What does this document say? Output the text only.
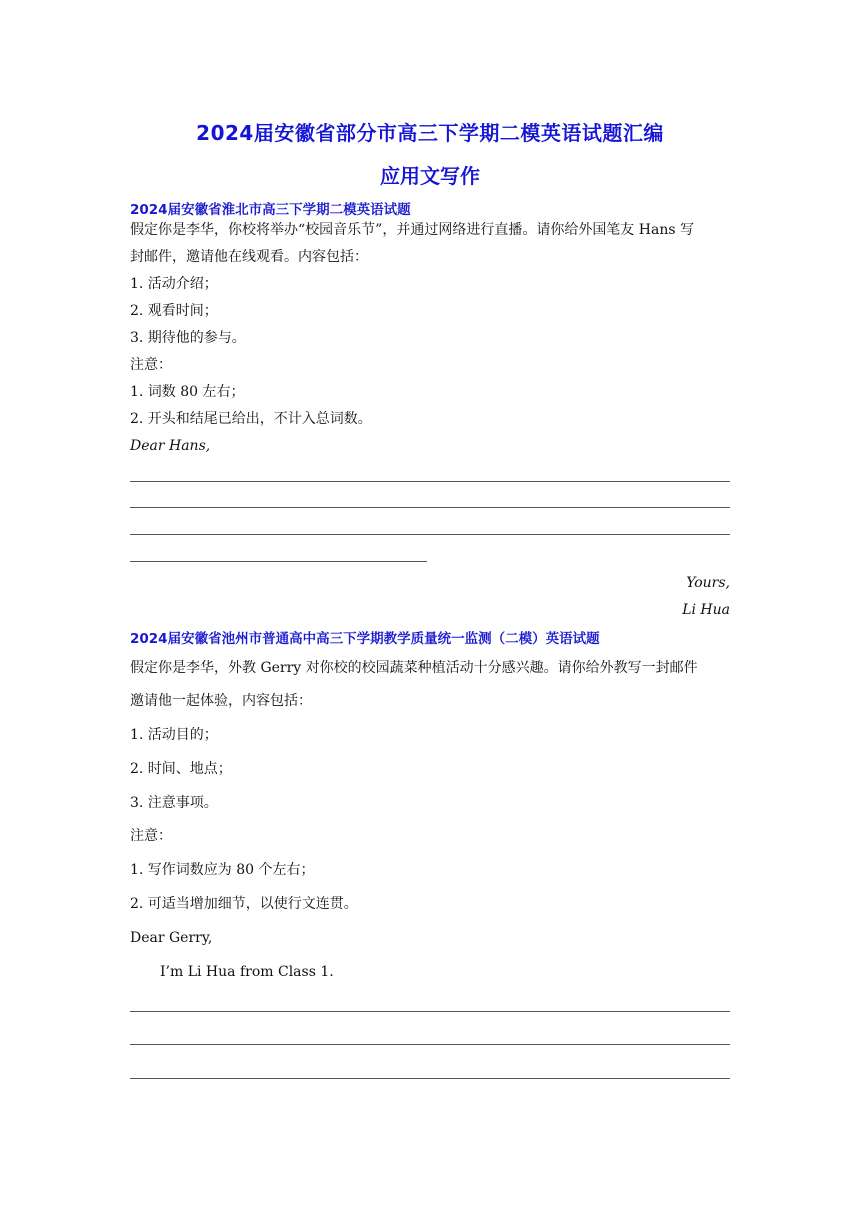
2024届安徽省部分市高三下学期二模英语试题汇编
应用文写作
2024届安徽省淮北市高三下学期二模英语试题
假定你是李华，你校将举办“校园音乐节”，并通过网络进行直播。请你给外国笔友 Hans 写
封邮件，邀请他在线观看。内容包括：
1. 活动介绍；
2. 观看时间；
3. 期待他的参与。
注意：
1. 词数 80 左右；
2. 开头和结尾已给出，不计入总词数。
Dear Hans,
Yours,
Li Hua
2024届安徽省池州市普通高中高三下学期教学质量统一监测（二模）英语试题
假定你是李华，外教 Gerry 对你校的校园蔬菜种植活动十分感兴趣。请你给外教写一封邮件
邀请他一起体验，内容包括：
1. 活动目的；
2. 时间、地点；
3. 注意事项。
注意：
1. 写作词数应为 80 个左右；
2. 可适当增加细节，以使行文连贯。
Dear Gerry,
I’m Li Hua from Class 1.
